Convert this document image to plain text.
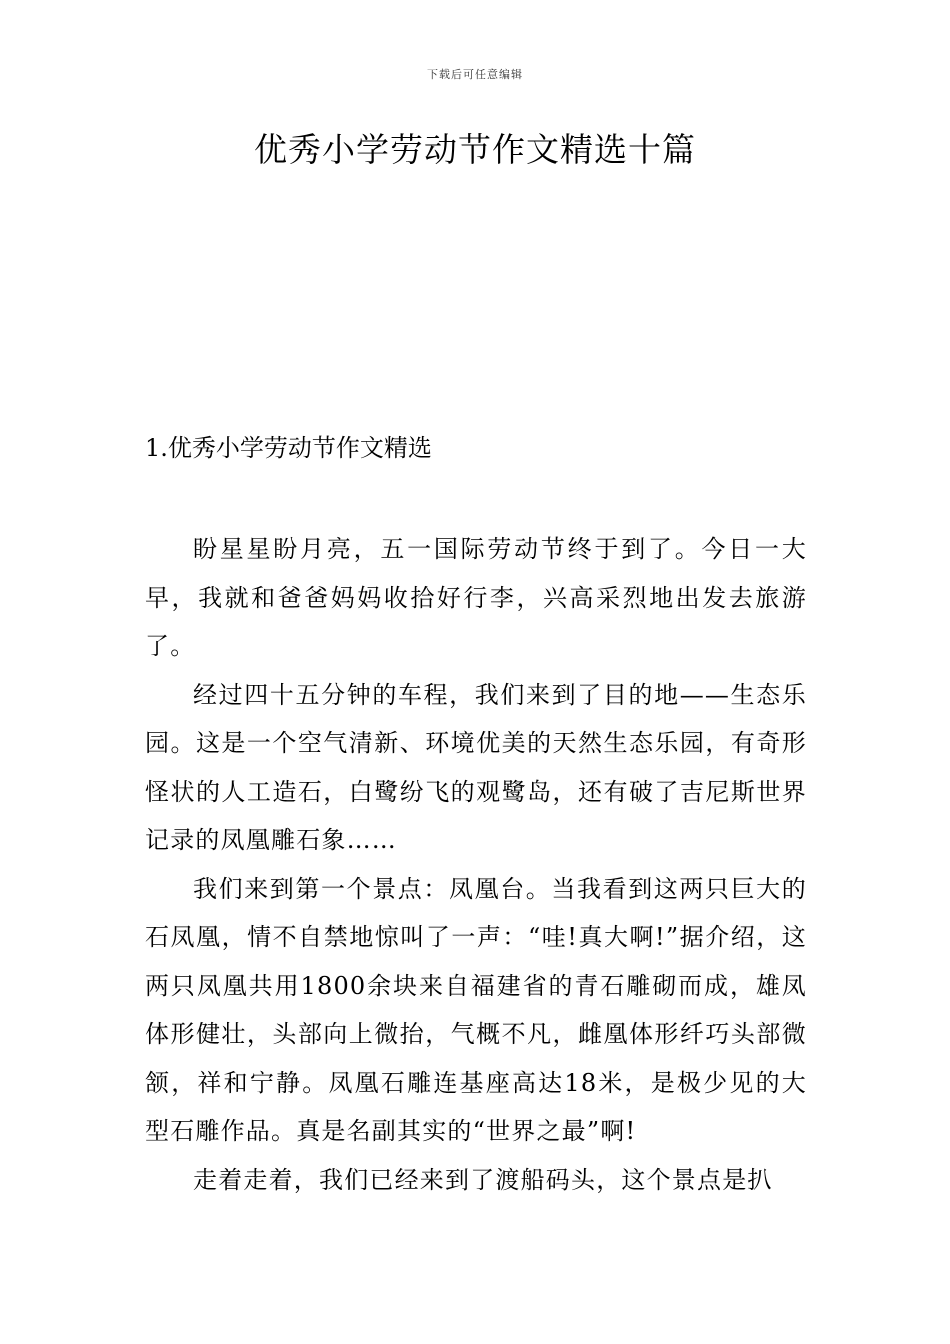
下载后可任意编辑
优秀小学劳动节作文精选十篇
1.优秀小学劳动节作文精选

盼星星盼月亮，五一国际劳动节终于到了。今日一大早，我就和爸爸妈妈收拾好行李，兴高采烈地出发去旅游了。

经过四十五分钟的车程，我们来到了目的地——生态乐园。这是一个空气清新、环境优美的天然生态乐园，有奇形怪状的人工造石，白鹭纷飞的观鹭岛，还有破了吉尼斯世界记录的凤凰雕石象……

我们来到第一个景点：凤凰台。当我看到这两只巨大的石凤凰，情不自禁地惊叫了一声：“哇!真大啊!”据介绍，这两只凤凰共用1800余块来自福建省的青石雕砌而成，雄凤体形健壮，头部向上微抬，气概不凡，雌凰体形纤巧头部微颔，祥和宁静。凤凰石雕连基座高达18米，是极少见的大型石雕作品。真是名副其实的“世界之最”啊!

走着走着，我们已经来到了渡船码头，这个景点是扒
